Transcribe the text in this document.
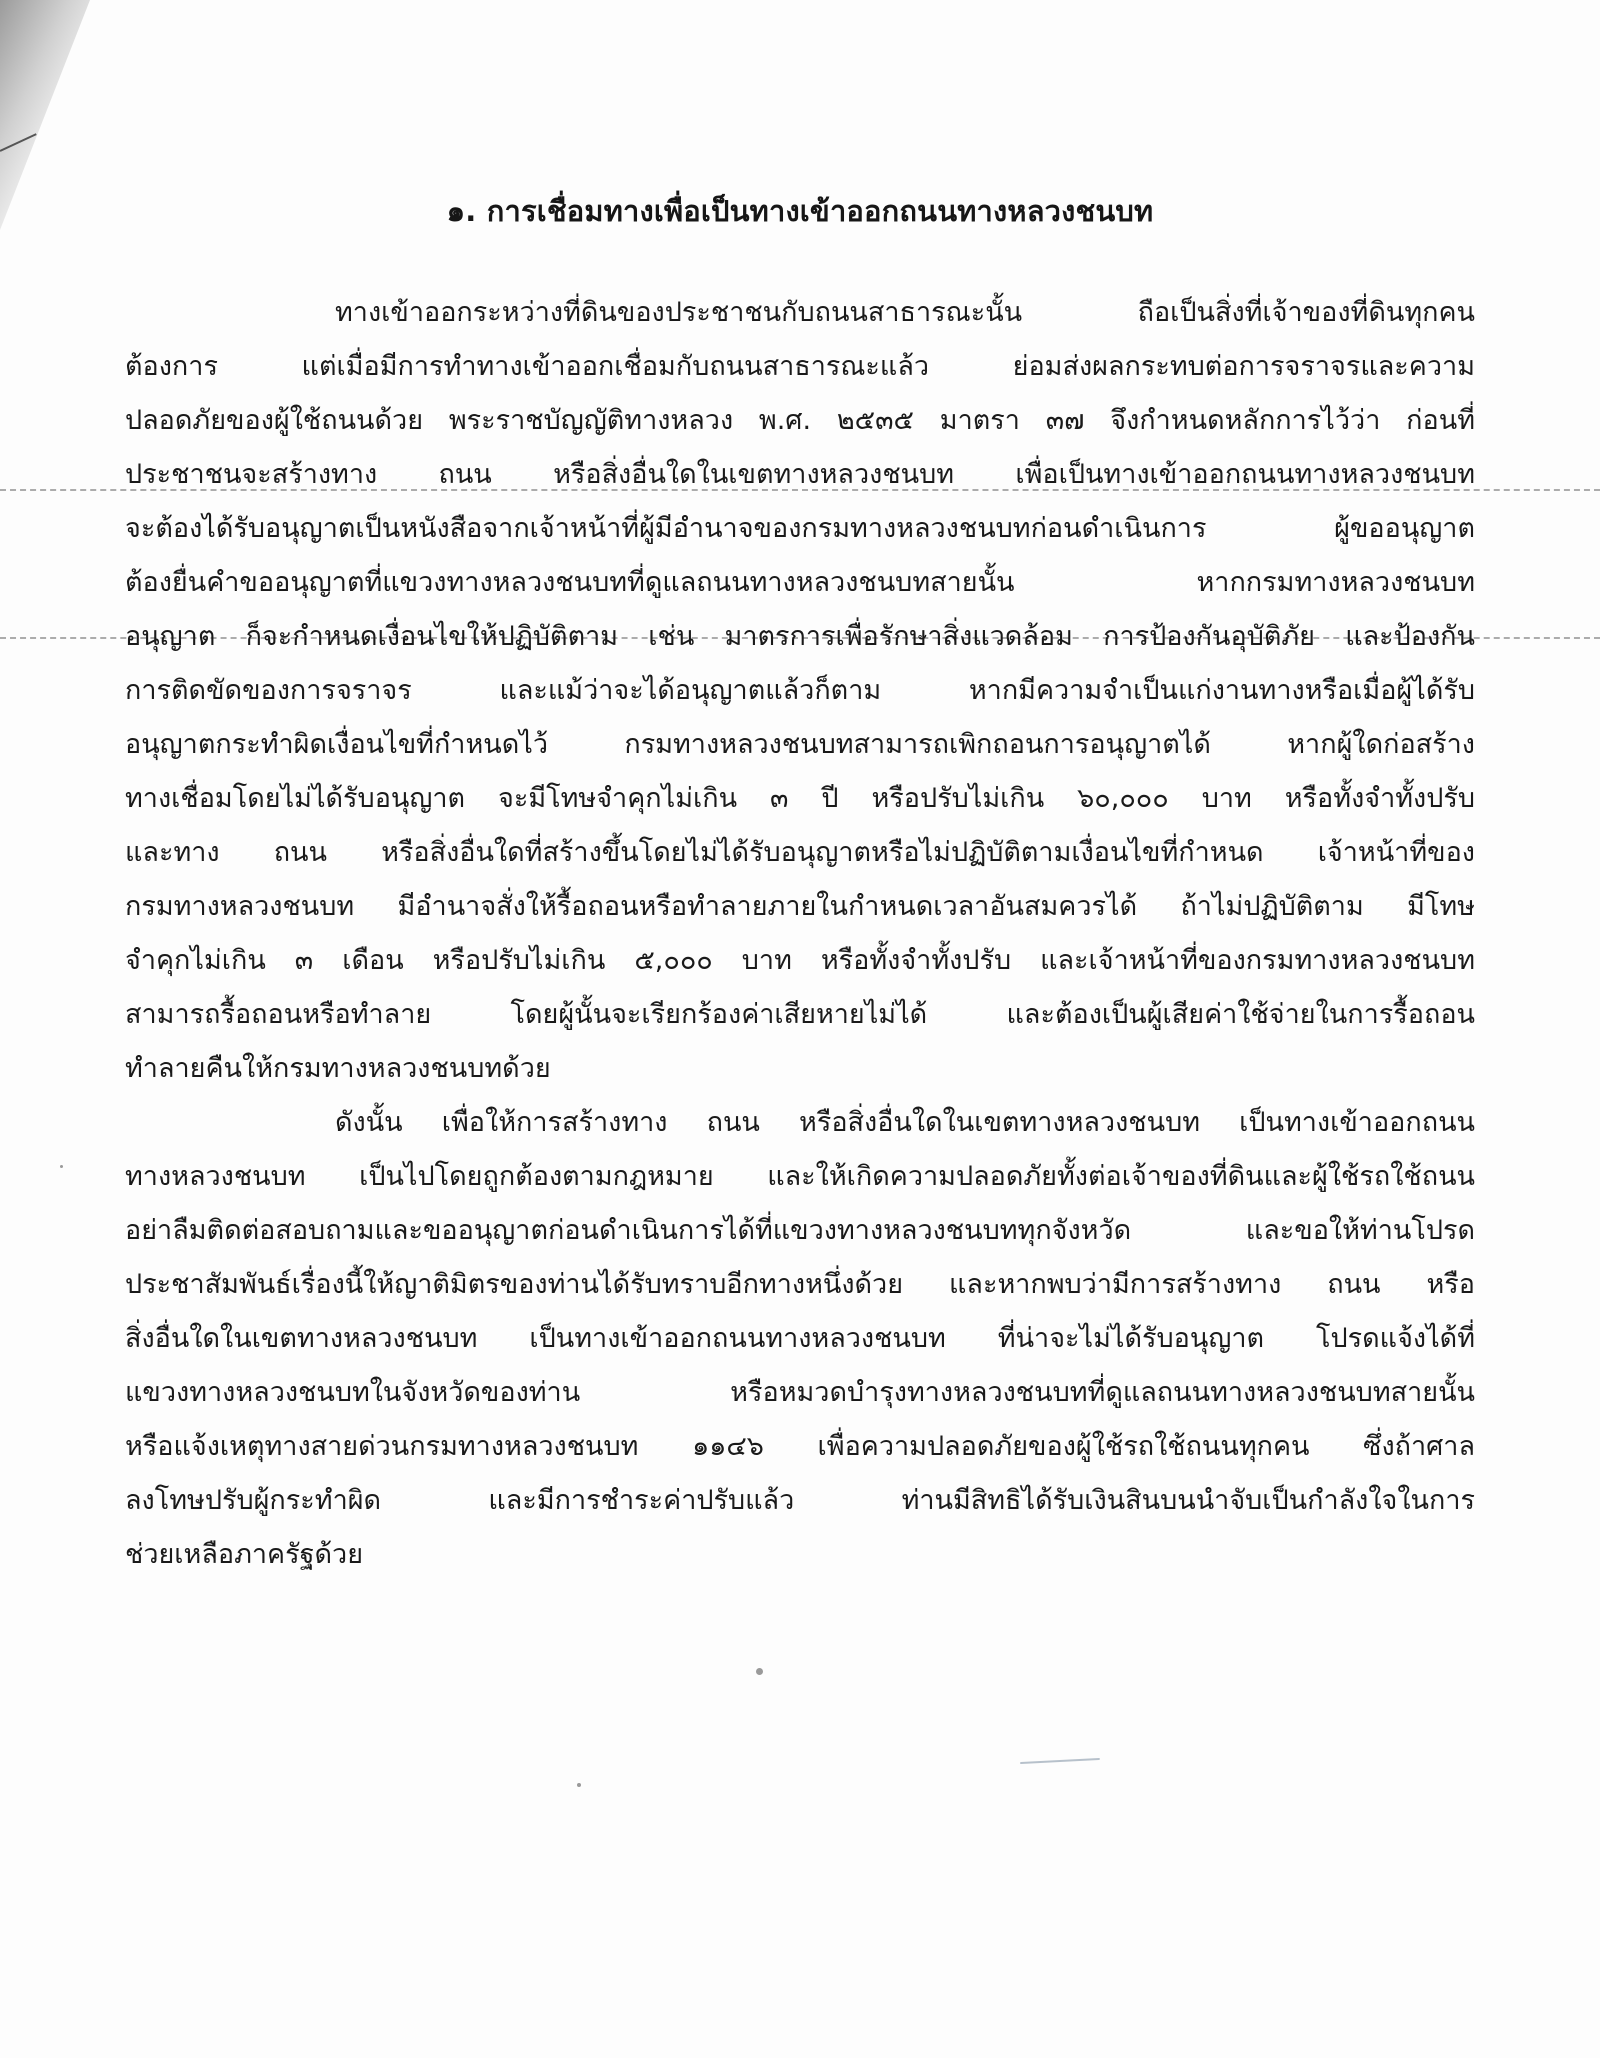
๑. การเชื่อมทางเพื่อเป็นทางเข้าออกถนนทางหลวงชนบท
ทางเข้าออกระหว่างที่ดินของประชาชนกับถนนสาธารณะนั้น ถือเป็นสิ่งที่เจ้าของที่ดินทุกคน
ต้องการ แต่เมื่อมีการทำทางเข้าออกเชื่อมกับถนนสาธารณะแล้ว ย่อมส่งผลกระทบต่อการจราจรและความ
ปลอดภัยของผู้ใช้ถนนด้วย พระราชบัญญัติทางหลวง พ.ศ. ๒๕๓๕ มาตรา ๓๗ จึงกำหนดหลักการไว้ว่า ก่อนที่
ประชาชนจะสร้างทาง ถนน หรือสิ่งอื่นใดในเขตทางหลวงชนบท เพื่อเป็นทางเข้าออกถนนทางหลวงชนบท
จะต้องได้รับอนุญาตเป็นหนังสือจากเจ้าหน้าที่ผู้มีอำนาจของกรมทางหลวงชนบทก่อนดำเนินการ ผู้ขออนุญาต
ต้องยื่นคำขออนุญาตที่แขวงทางหลวงชนบทที่ดูแลถนนทางหลวงชนบทสายนั้น หากกรมทางหลวงชนบท
อนุญาต ก็จะกำหนดเงื่อนไขให้ปฏิบัติตาม เช่น มาตรการเพื่อรักษาสิ่งแวดล้อม การป้องกันอุบัติภัย และป้องกัน
การติดขัดของการจราจร และแม้ว่าจะได้อนุญาตแล้วก็ตาม หากมีความจำเป็นแก่งานทางหรือเมื่อผู้ได้รับ
อนุญาตกระทำผิดเงื่อนไขที่กำหนดไว้ กรมทางหลวงชนบทสามารถเพิกถอนการอนุญาตได้ หากผู้ใดก่อสร้าง
ทางเชื่อมโดยไม่ได้รับอนุญาต จะมีโทษจำคุกไม่เกิน ๓ ปี หรือปรับไม่เกิน ๖๐,๐๐๐ บาท หรือทั้งจำทั้งปรับ
และทาง ถนน หรือสิ่งอื่นใดที่สร้างขึ้นโดยไม่ได้รับอนุญาตหรือไม่ปฏิบัติตามเงื่อนไขที่กำหนด เจ้าหน้าที่ของ
กรมทางหลวงชนบท มีอำนาจสั่งให้รื้อถอนหรือทำลายภายในกำหนดเวลาอันสมควรได้ ถ้าไม่ปฏิบัติตาม มีโทษ
จำคุกไม่เกิน ๓ เดือน หรือปรับไม่เกิน ๕,๐๐๐ บาท หรือทั้งจำทั้งปรับ และเจ้าหน้าที่ของกรมทางหลวงชนบท
สามารถรื้อถอนหรือทำลาย โดยผู้นั้นจะเรียกร้องค่าเสียหายไม่ได้ และต้องเป็นผู้เสียค่าใช้จ่ายในการรื้อถอน
ทำลายคืนให้กรมทางหลวงชนบทด้วย
ดังนั้น เพื่อให้การสร้างทาง ถนน หรือสิ่งอื่นใดในเขตทางหลวงชนบท เป็นทางเข้าออกถนน
ทางหลวงชนบท เป็นไปโดยถูกต้องตามกฎหมาย และให้เกิดความปลอดภัยทั้งต่อเจ้าของที่ดินและผู้ใช้รถใช้ถนน
อย่าลืมติดต่อสอบถามและขออนุญาตก่อนดำเนินการได้ที่แขวงทางหลวงชนบททุกจังหวัด และขอให้ท่านโปรด
ประชาสัมพันธ์เรื่องนี้ให้ญาติมิตรของท่านได้รับทราบอีกทางหนึ่งด้วย และหากพบว่ามีการสร้างทาง ถนน หรือ
สิ่งอื่นใดในเขตทางหลวงชนบท เป็นทางเข้าออกถนนทางหลวงชนบท ที่น่าจะไม่ได้รับอนุญาต โปรดแจ้งได้ที่
แขวงทางหลวงชนบทในจังหวัดของท่าน หรือหมวดบำรุงทางหลวงชนบทที่ดูแลถนนทางหลวงชนบทสายนั้น
หรือแจ้งเหตุทางสายด่วนกรมทางหลวงชนบท ๑๑๔๖ เพื่อความปลอดภัยของผู้ใช้รถใช้ถนนทุกคน ซึ่งถ้าศาล
ลงโทษปรับผู้กระทำผิด และมีการชำระค่าปรับแล้ว ท่านมีสิทธิได้รับเงินสินบนนำจับเป็นกำลังใจในการ
ช่วยเหลือภาครัฐด้วย
